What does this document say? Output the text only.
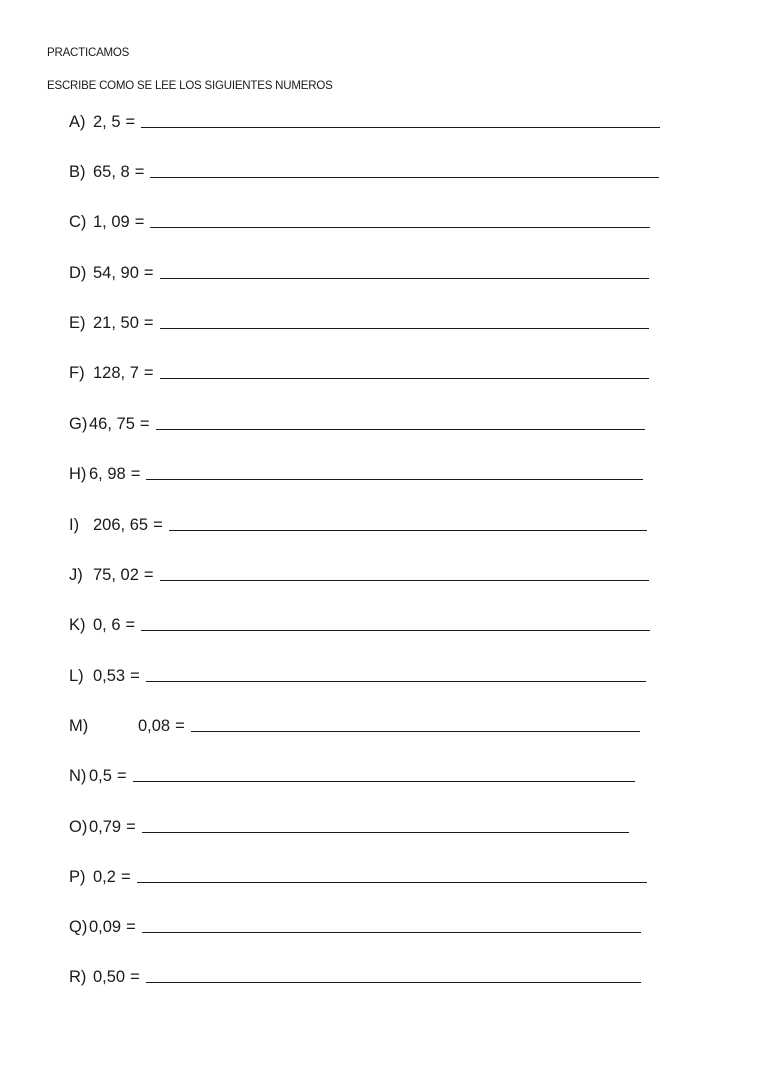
PRACTICAMOS
ESCRIBE COMO SE LEE LOS SIGUIENTES NUMEROS
A) 2, 5 =
B) 65, 8 =
C) 1, 09 =
D) 54, 90 =
E) 21, 50 =
F) 128, 7 =
G) 46, 75 =
H) 6, 98 =
I) 206, 65 =
J) 75, 02 =
K) 0, 6 =
L) 0,53 =
M)	0,08 =
N) 0,5 =
O) 0,79 =
P) 0,2 =
Q) 0,09 =
R) 0,50 =
